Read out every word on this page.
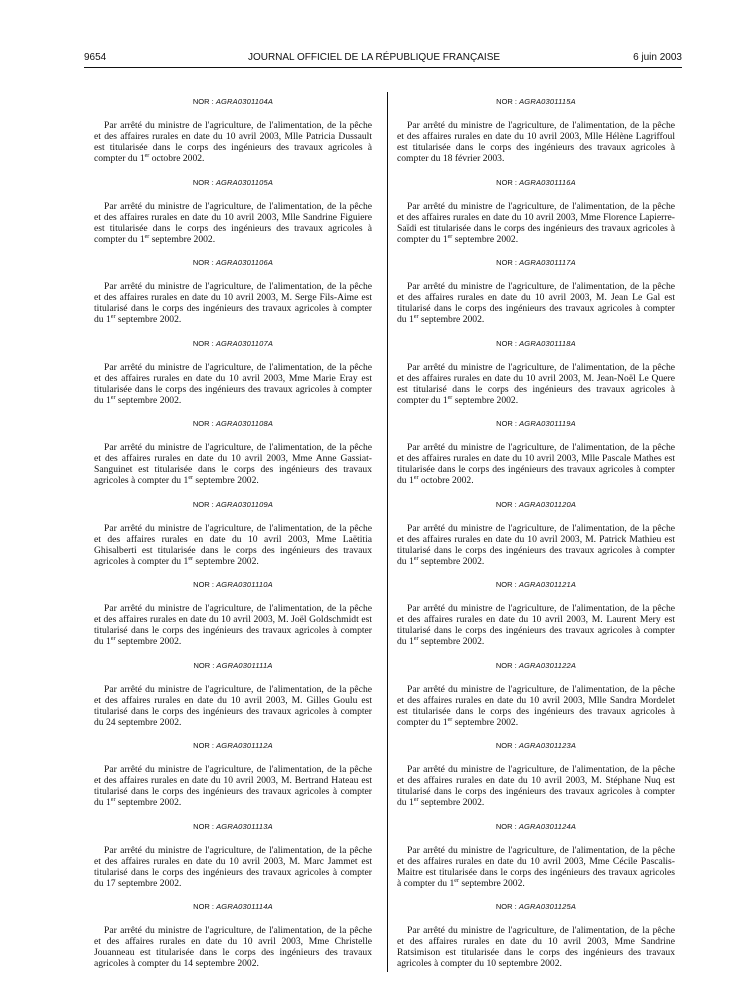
9654	JOURNAL OFFICIEL DE LA RÉPUBLIQUE FRANÇAISE	6 juin 2003
NOR : AGRA0301104A

Par arrêté du ministre de l'agriculture, de l'alimentation, de la pêche et des affaires rurales en date du 10 avril 2003, Mlle Patricia Dussault est titularisée dans le corps des ingénieurs des travaux agricoles à compter du 1er octobre 2002.

NOR : AGRA0301105A

Par arrêté du ministre de l'agriculture, de l'alimentation, de la pêche et des affaires rurales en date du 10 avril 2003, Mlle Sandrine Figuiere est titularisée dans le corps des ingénieurs des travaux agricoles à compter du 1er septembre 2002.

NOR : AGRA0301106A

Par arrêté du ministre de l'agriculture, de l'alimentation, de la pêche et des affaires rurales en date du 10 avril 2003, M. Serge Fils-Aime est titularisé dans le corps des ingénieurs des travaux agricoles à compter du 1er septembre 2002.

NOR : AGRA0301107A

Par arrêté du ministre de l'agriculture, de l'alimentation, de la pêche et des affaires rurales en date du 10 avril 2003, Mme Marie Eray est titularisée dans le corps des ingénieurs des travaux agricoles à compter du 1er septembre 2002.

NOR : AGRA0301108A

Par arrêté du ministre de l'agriculture, de l'alimentation, de la pêche et des affaires rurales en date du 10 avril 2003, Mme Anne Gassiat-Sanguinet est titularisée dans le corps des ingénieurs des travaux agricoles à compter du 1er septembre 2002.

NOR : AGRA0301109A

Par arrêté du ministre de l'agriculture, de l'alimentation, de la pêche et des affaires rurales en date du 10 avril 2003, Mme Laëtitia Ghisalberti est titularisée dans le corps des ingénieurs des travaux agricoles à compter du 1er septembre 2002.

NOR : AGRA0301110A

Par arrêté du ministre de l'agriculture, de l'alimentation, de la pêche et des affaires rurales en date du 10 avril 2003, M. Joël Goldschmidt est titularisé dans le corps des ingénieurs des travaux agricoles à compter du 1er septembre 2002.

NOR : AGRA0301111A

Par arrêté du ministre de l'agriculture, de l'alimentation, de la pêche et des affaires rurales en date du 10 avril 2003, M. Gilles Goulu est titularisé dans le corps des ingénieurs des travaux agricoles à compter du 24 septembre 2002.

NOR : AGRA0301112A

Par arrêté du ministre de l'agriculture, de l'alimentation, de la pêche et des affaires rurales en date du 10 avril 2003, M. Bertrand Hateau est titularisé dans le corps des ingénieurs des travaux agricoles à compter du 1er septembre 2002.

NOR : AGRA0301113A

Par arrêté du ministre de l'agriculture, de l'alimentation, de la pêche et des affaires rurales en date du 10 avril 2003, M. Marc Jammet est titularisé dans le corps des ingénieurs des travaux agricoles à compter du 17 septembre 2002.

NOR : AGRA0301114A

Par arrêté du ministre de l'agriculture, de l'alimentation, de la pêche et des affaires rurales en date du 10 avril 2003, Mme Christelle Jouanneau est titularisée dans le corps des ingénieurs des travaux agricoles à compter du 14 septembre 2002.

NOR : AGRA0301115A

Par arrêté du ministre de l'agriculture, de l'alimentation, de la pêche et des affaires rurales en date du 10 avril 2003, Mlle Hélène Lagriffoul est titularisée dans le corps des ingénieurs des travaux agricoles à compter du 18 février 2003.

NOR : AGRA0301116A

Par arrêté du ministre de l'agriculture, de l'alimentation, de la pêche et des affaires rurales en date du 10 avril 2003, Mme Florence Lapierre-Saïdi est titularisée dans le corps des ingénieurs des travaux agricoles à compter du 1er septembre 2002.

NOR : AGRA0301117A

Par arrêté du ministre de l'agriculture, de l'alimentation, de la pêche et des affaires rurales en date du 10 avril 2003, M. Jean Le Gal est titularisé dans le corps des ingénieurs des travaux agricoles à compter du 1er septembre 2002.

NOR : AGRA0301118A

Par arrêté du ministre de l'agriculture, de l'alimentation, de la pêche et des affaires rurales en date du 10 avril 2003, M. Jean-Noël Le Quere est titularisé dans le corps des ingénieurs des travaux agricoles à compter du 1er septembre 2002.

NOR : AGRA0301119A

Par arrêté du ministre de l'agriculture, de l'alimentation, de la pêche et des affaires rurales en date du 10 avril 2003, Mlle Pascale Mathes est titularisée dans le corps des ingénieurs des travaux agricoles à compter du 1er octobre 2002.

NOR : AGRA0301120A

Par arrêté du ministre de l'agriculture, de l'alimentation, de la pêche et des affaires rurales en date du 10 avril 2003, M. Patrick Mathieu est titularisé dans le corps des ingénieurs des travaux agricoles à compter du 1er septembre 2002.

NOR : AGRA0301121A

Par arrêté du ministre de l'agriculture, de l'alimentation, de la pêche et des affaires rurales en date du 10 avril 2003, M. Laurent Mery est titularisé dans le corps des ingénieurs des travaux agricoles à compter du 1er septembre 2002.

NOR : AGRA0301122A

Par arrêté du ministre de l'agriculture, de l'alimentation, de la pêche et des affaires rurales en date du 10 avril 2003, Mlle Sandra Mordelet est titularisée dans le corps des ingénieurs des travaux agricoles à compter du 1er septembre 2002.

NOR : AGRA0301123A

Par arrêté du ministre de l'agriculture, de l'alimentation, de la pêche et des affaires rurales en date du 10 avril 2003, M. Stéphane Nuq est titularisé dans le corps des ingénieurs des travaux agricoles à compter du 1er septembre 2002.

NOR : AGRA0301124A

Par arrêté du ministre de l'agriculture, de l'alimentation, de la pêche et des affaires rurales en date du 10 avril 2003, Mme Cécile Pascalis-Maitre est titularisée dans le corps des ingénieurs des travaux agricoles à compter du 1er septembre 2002.

NOR : AGRA0301125A

Par arrêté du ministre de l'agriculture, de l'alimentation, de la pêche et des affaires rurales en date du 10 avril 2003, Mme Sandrine Ratsimison est titularisée dans le corps des ingénieurs des travaux agricoles à compter du 10 septembre 2002.
